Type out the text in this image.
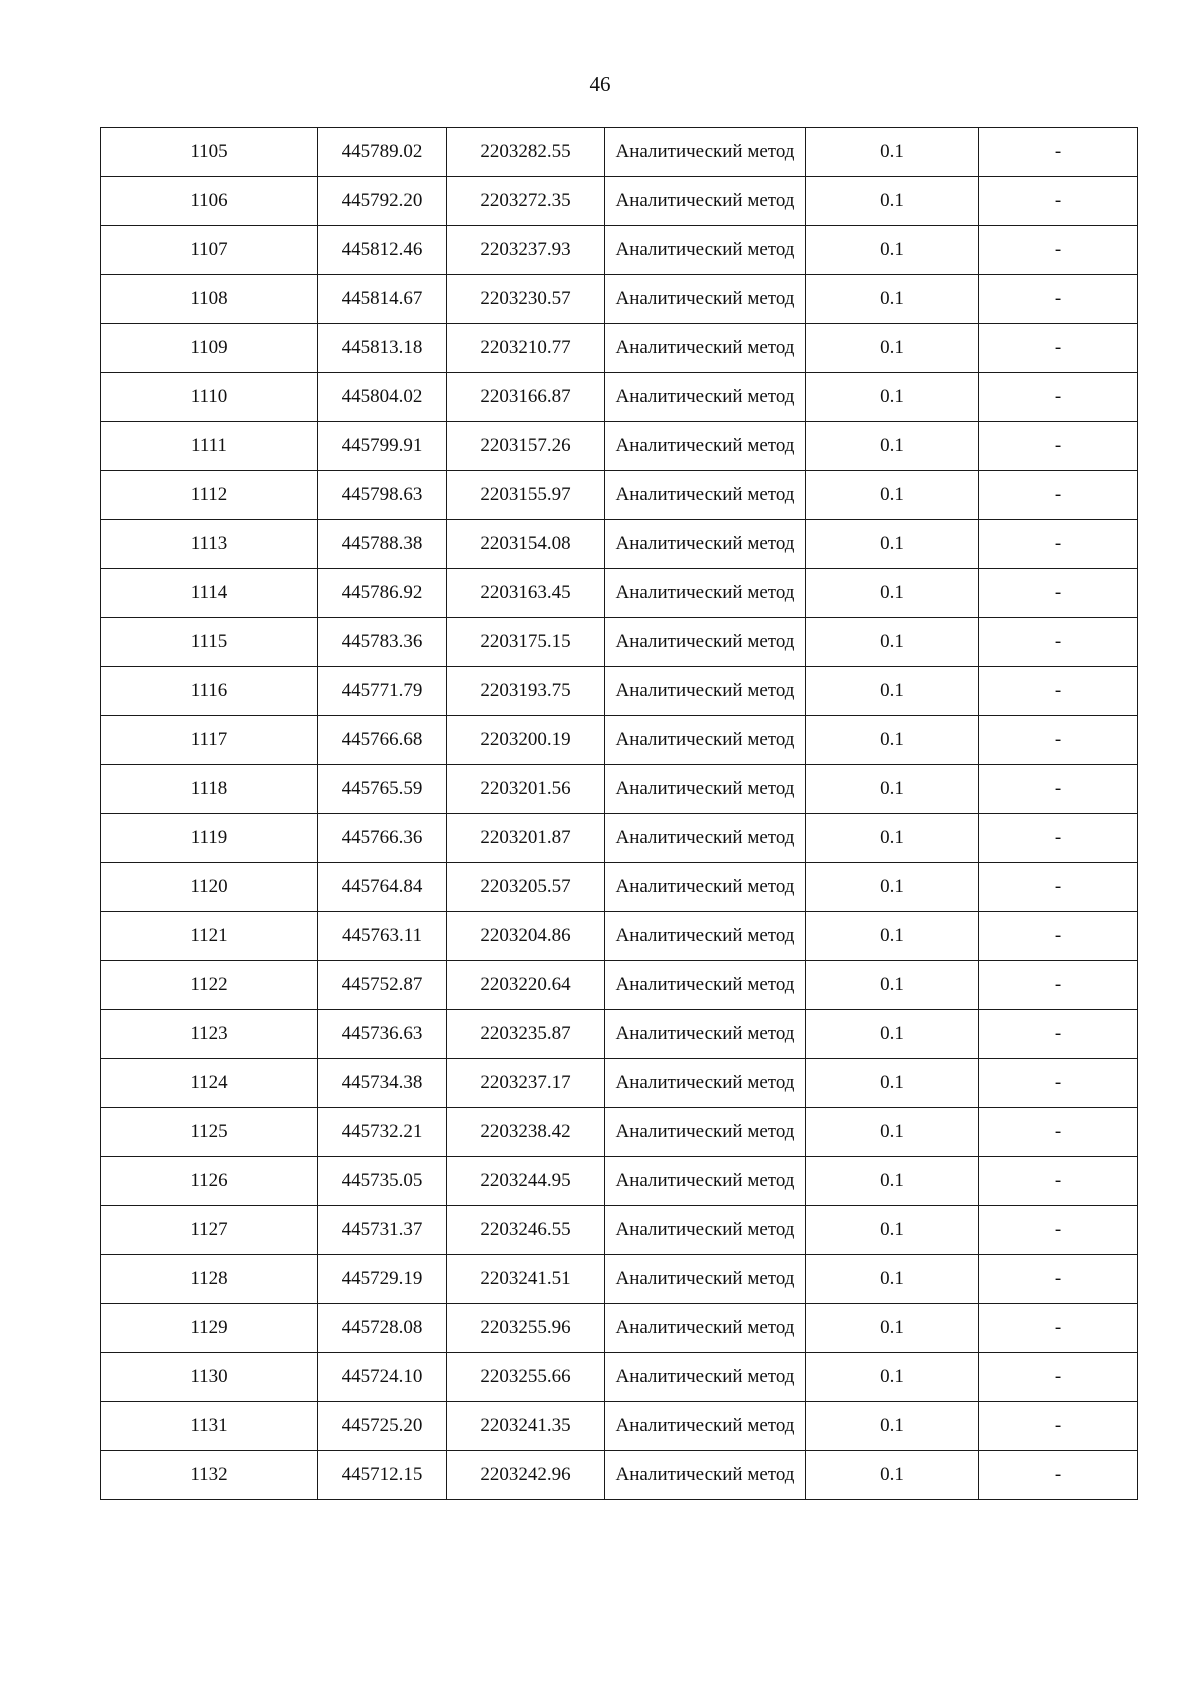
46
1105	445789.02	2203282.55	Аналитический метод	0.1	-
1106	445792.20	2203272.35	Аналитический метод	0.1	-
1107	445812.46	2203237.93	Аналитический метод	0.1	-
1108	445814.67	2203230.57	Аналитический метод	0.1	-
1109	445813.18	2203210.77	Аналитический метод	0.1	-
1110	445804.02	2203166.87	Аналитический метод	0.1	-
1111	445799.91	2203157.26	Аналитический метод	0.1	-
1112	445798.63	2203155.97	Аналитический метод	0.1	-
1113	445788.38	2203154.08	Аналитический метод	0.1	-
1114	445786.92	2203163.45	Аналитический метод	0.1	-
1115	445783.36	2203175.15	Аналитический метод	0.1	-
1116	445771.79	2203193.75	Аналитический метод	0.1	-
1117	445766.68	2203200.19	Аналитический метод	0.1	-
1118	445765.59	2203201.56	Аналитический метод	0.1	-
1119	445766.36	2203201.87	Аналитический метод	0.1	-
1120	445764.84	2203205.57	Аналитический метод	0.1	-
1121	445763.11	2203204.86	Аналитический метод	0.1	-
1122	445752.87	2203220.64	Аналитический метод	0.1	-
1123	445736.63	2203235.87	Аналитический метод	0.1	-
1124	445734.38	2203237.17	Аналитический метод	0.1	-
1125	445732.21	2203238.42	Аналитический метод	0.1	-
1126	445735.05	2203244.95	Аналитический метод	0.1	-
1127	445731.37	2203246.55	Аналитический метод	0.1	-
1128	445729.19	2203241.51	Аналитический метод	0.1	-
1129	445728.08	2203255.96	Аналитический метод	0.1	-
1130	445724.10	2203255.66	Аналитический метод	0.1	-
1131	445725.20	2203241.35	Аналитический метод	0.1	-
1132	445712.15	2203242.96	Аналитический метод	0.1	-
